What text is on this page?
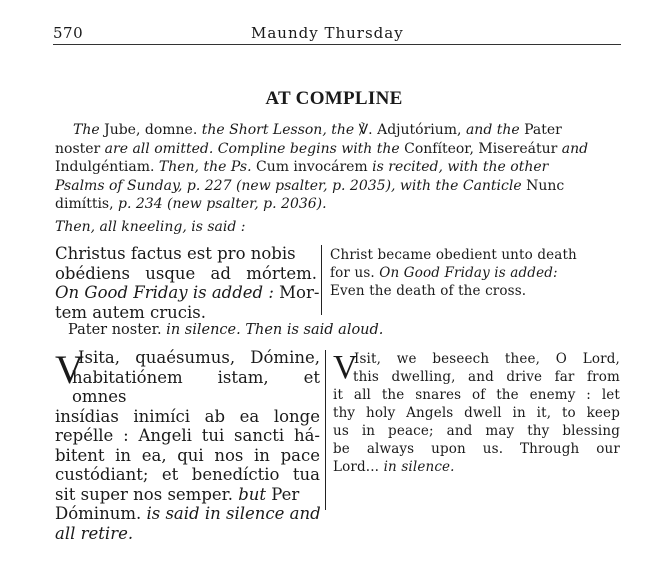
570	Maundy Thursday
AT COMPLINE
The Jube, domne. the Short Lesson, the ℣. Adjutórium, and the Pater
noster are all omitted. Compline begins with the Confíteor, Misereátur and
Indulgéntiam. Then, the Ps. Cum invocárem is recited, with the other
Psalms of Sunday, p. 227 (new psalter, p. 2035), with the Canticle Nunc
dimíttis, p. 234 (new psalter, p. 2036).
Then, all kneeling, is said :
Christus factus est pro nobis
obédiens usque ad mórtem.
On Good Friday is added : Mor-
tem autem crucis.
Christ became obedient unto death
for us. On Good Friday is added:
Even the death of the cross.
Pater noster. in silence. Then is said aloud.
V
Isita, quaésumus, Dómine,
habitatiónem istam, et omnes
insídias inimíci ab ea longe
repélle : Angeli tui sancti há-
bitent in ea, qui nos in pace
custódiant; et benedíctio tua
sit super nos semper. but Per
Dóminum. is said in silence and
all retire.
V
Isit, we beseech thee, O Lord,
this dwelling, and drive far from
it all the snares of the enemy : let
thy holy Angels dwell in it, to keep
us in peace; and may thy blessing
be always upon us. Through our
Lord... in silence.
